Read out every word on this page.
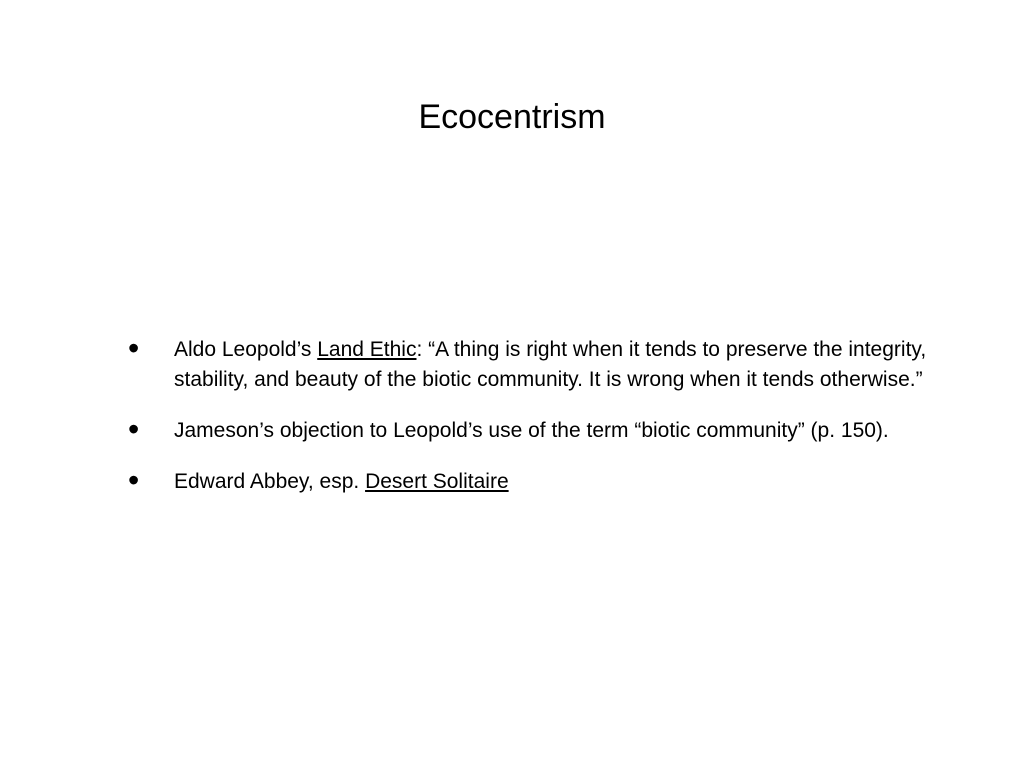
Ecocentrism
• Aldo Leopold’s Land Ethic: “A thing is right when it tends to preserve the integrity, stability, and beauty of the biotic community. It is wrong when it tends otherwise.”
• Jameson’s objection to Leopold’s use of the term “biotic community” (p. 150).
• Edward Abbey, esp. Desert Solitaire
